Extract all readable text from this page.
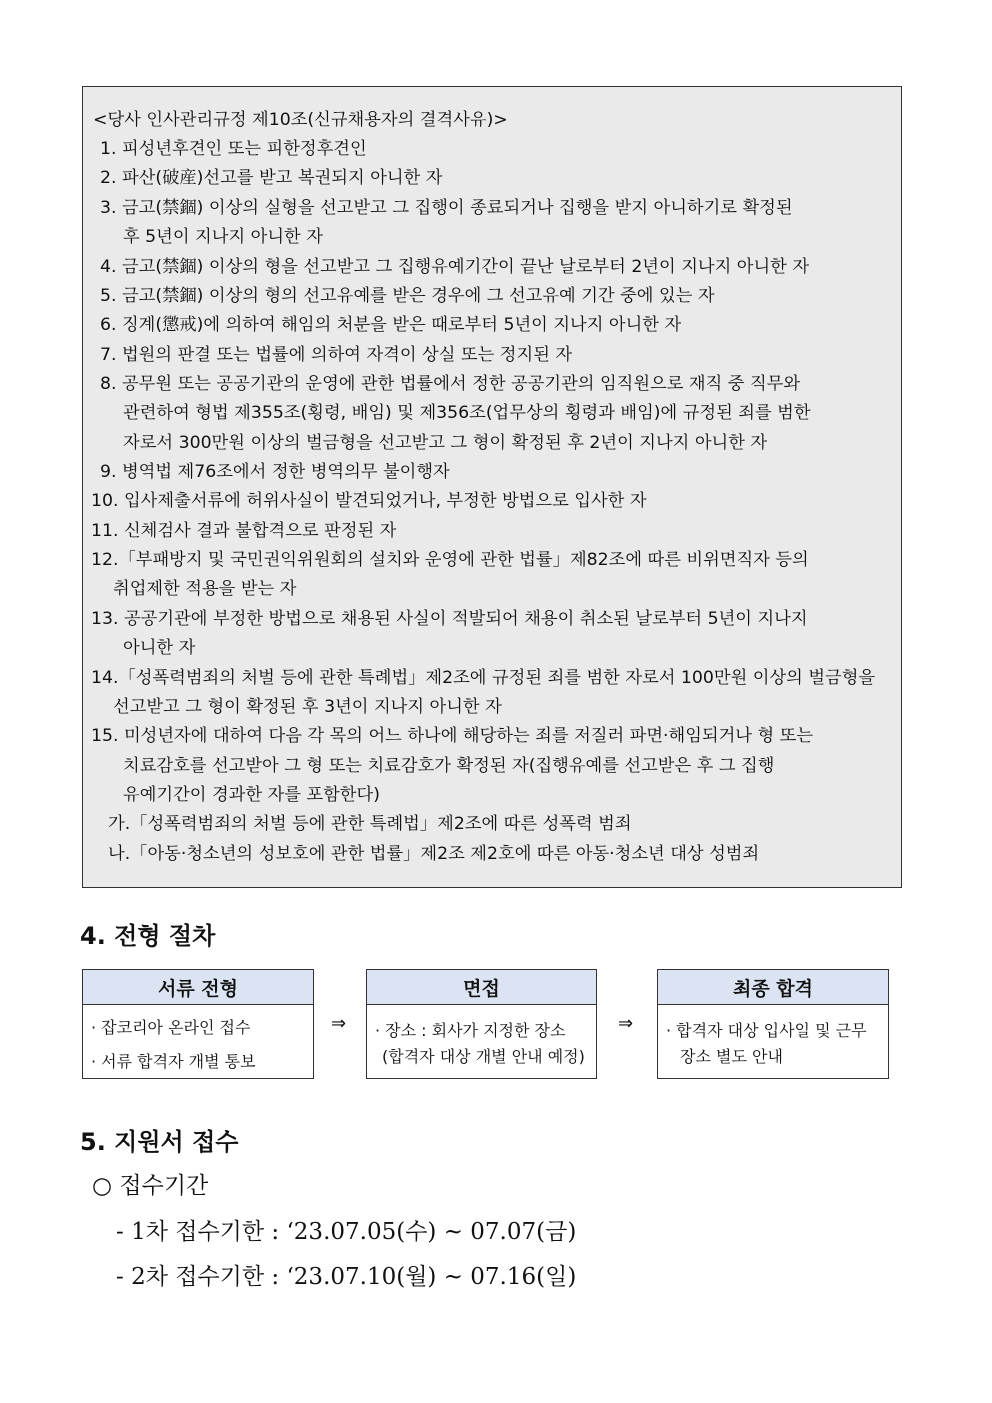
<당사 인사관리규정 제10조(신규채용자의 결격사유)>
1. 피성년후견인 또는 피한정후견인
2. 파산(破産)선고를 받고 복권되지 아니한 자
3. 금고(禁錮) 이상의 실형을 선고받고 그 집행이 종료되거나 집행을 받지 아니하기로 확정된
후 5년이 지나지 아니한 자
4. 금고(禁錮) 이상의 형을 선고받고 그 집행유예기간이 끝난 날로부터 2년이 지나지 아니한 자
5. 금고(禁錮) 이상의 형의 선고유예를 받은 경우에 그 선고유예 기간 중에 있는 자
6. 징계(懲戒)에 의하여 해임의 처분을 받은 때로부터 5년이 지나지 아니한 자
7. 법원의 판결 또는 법률에 의하여 자격이 상실 또는 정지된 자
8. 공무원 또는 공공기관의 운영에 관한 법률에서 정한 공공기관의 임직원으로 재직 중 직무와
관련하여 형법 제355조(횡령, 배임) 및 제356조(업무상의 횡령과 배임)에 규정된 죄를 범한
자로서 300만원 이상의 벌금형을 선고받고 그 형이 확정된 후 2년이 지나지 아니한 자
9. 병역법 제76조에서 정한 병역의무 불이행자
10. 입사제출서류에 허위사실이 발견되었거나, 부정한 방법으로 입사한 자
11. 신체검사 결과 불합격으로 판정된 자
12.「부패방지 및 국민권익위원회의 설치와 운영에 관한 법률」제82조에 따른 비위면직자 등의
취업제한 적용을 받는 자
13. 공공기관에 부정한 방법으로 채용된 사실이 적발되어 채용이 취소된 날로부터 5년이 지나지
아니한 자
14.「성폭력범죄의 처벌 등에 관한 특례법」제2조에 규정된 죄를 범한 자로서 100만원 이상의 벌금형을
선고받고 그 형이 확정된 후 3년이 지나지 아니한 자
15. 미성년자에 대하여 다음 각 목의 어느 하나에 해당하는 죄를 저질러 파면·해임되거나 형 또는
치료감호를 선고받아 그 형 또는 치료감호가 확정된 자(집행유예를 선고받은 후 그 집행
유예기간이 경과한 자를 포함한다)
가.「성폭력범죄의 처벌 등에 관한 특례법」제2조에 따른 성폭력 범죄
나.「아동·청소년의 성보호에 관한 법률」제2조 제2호에 따른 아동·청소년 대상 성범죄
4. 전형 절차
서류 전형
· 잡코리아 온라인 접수
· 서류 합격자 개별 통보
⇒
면접
· 장소 : 회사가 지정한 장소
(합격자 대상 개별 안내 예정)
⇒
최종 합격
· 합격자 대상 입사일 및 근무
장소 별도 안내
5. 지원서 접수
○ 접수기간
- 1차 접수기한 : ‘23.07.05(수) ~ 07.07(금)
- 2차 접수기한 : ‘23.07.10(월) ~ 07.16(일)
